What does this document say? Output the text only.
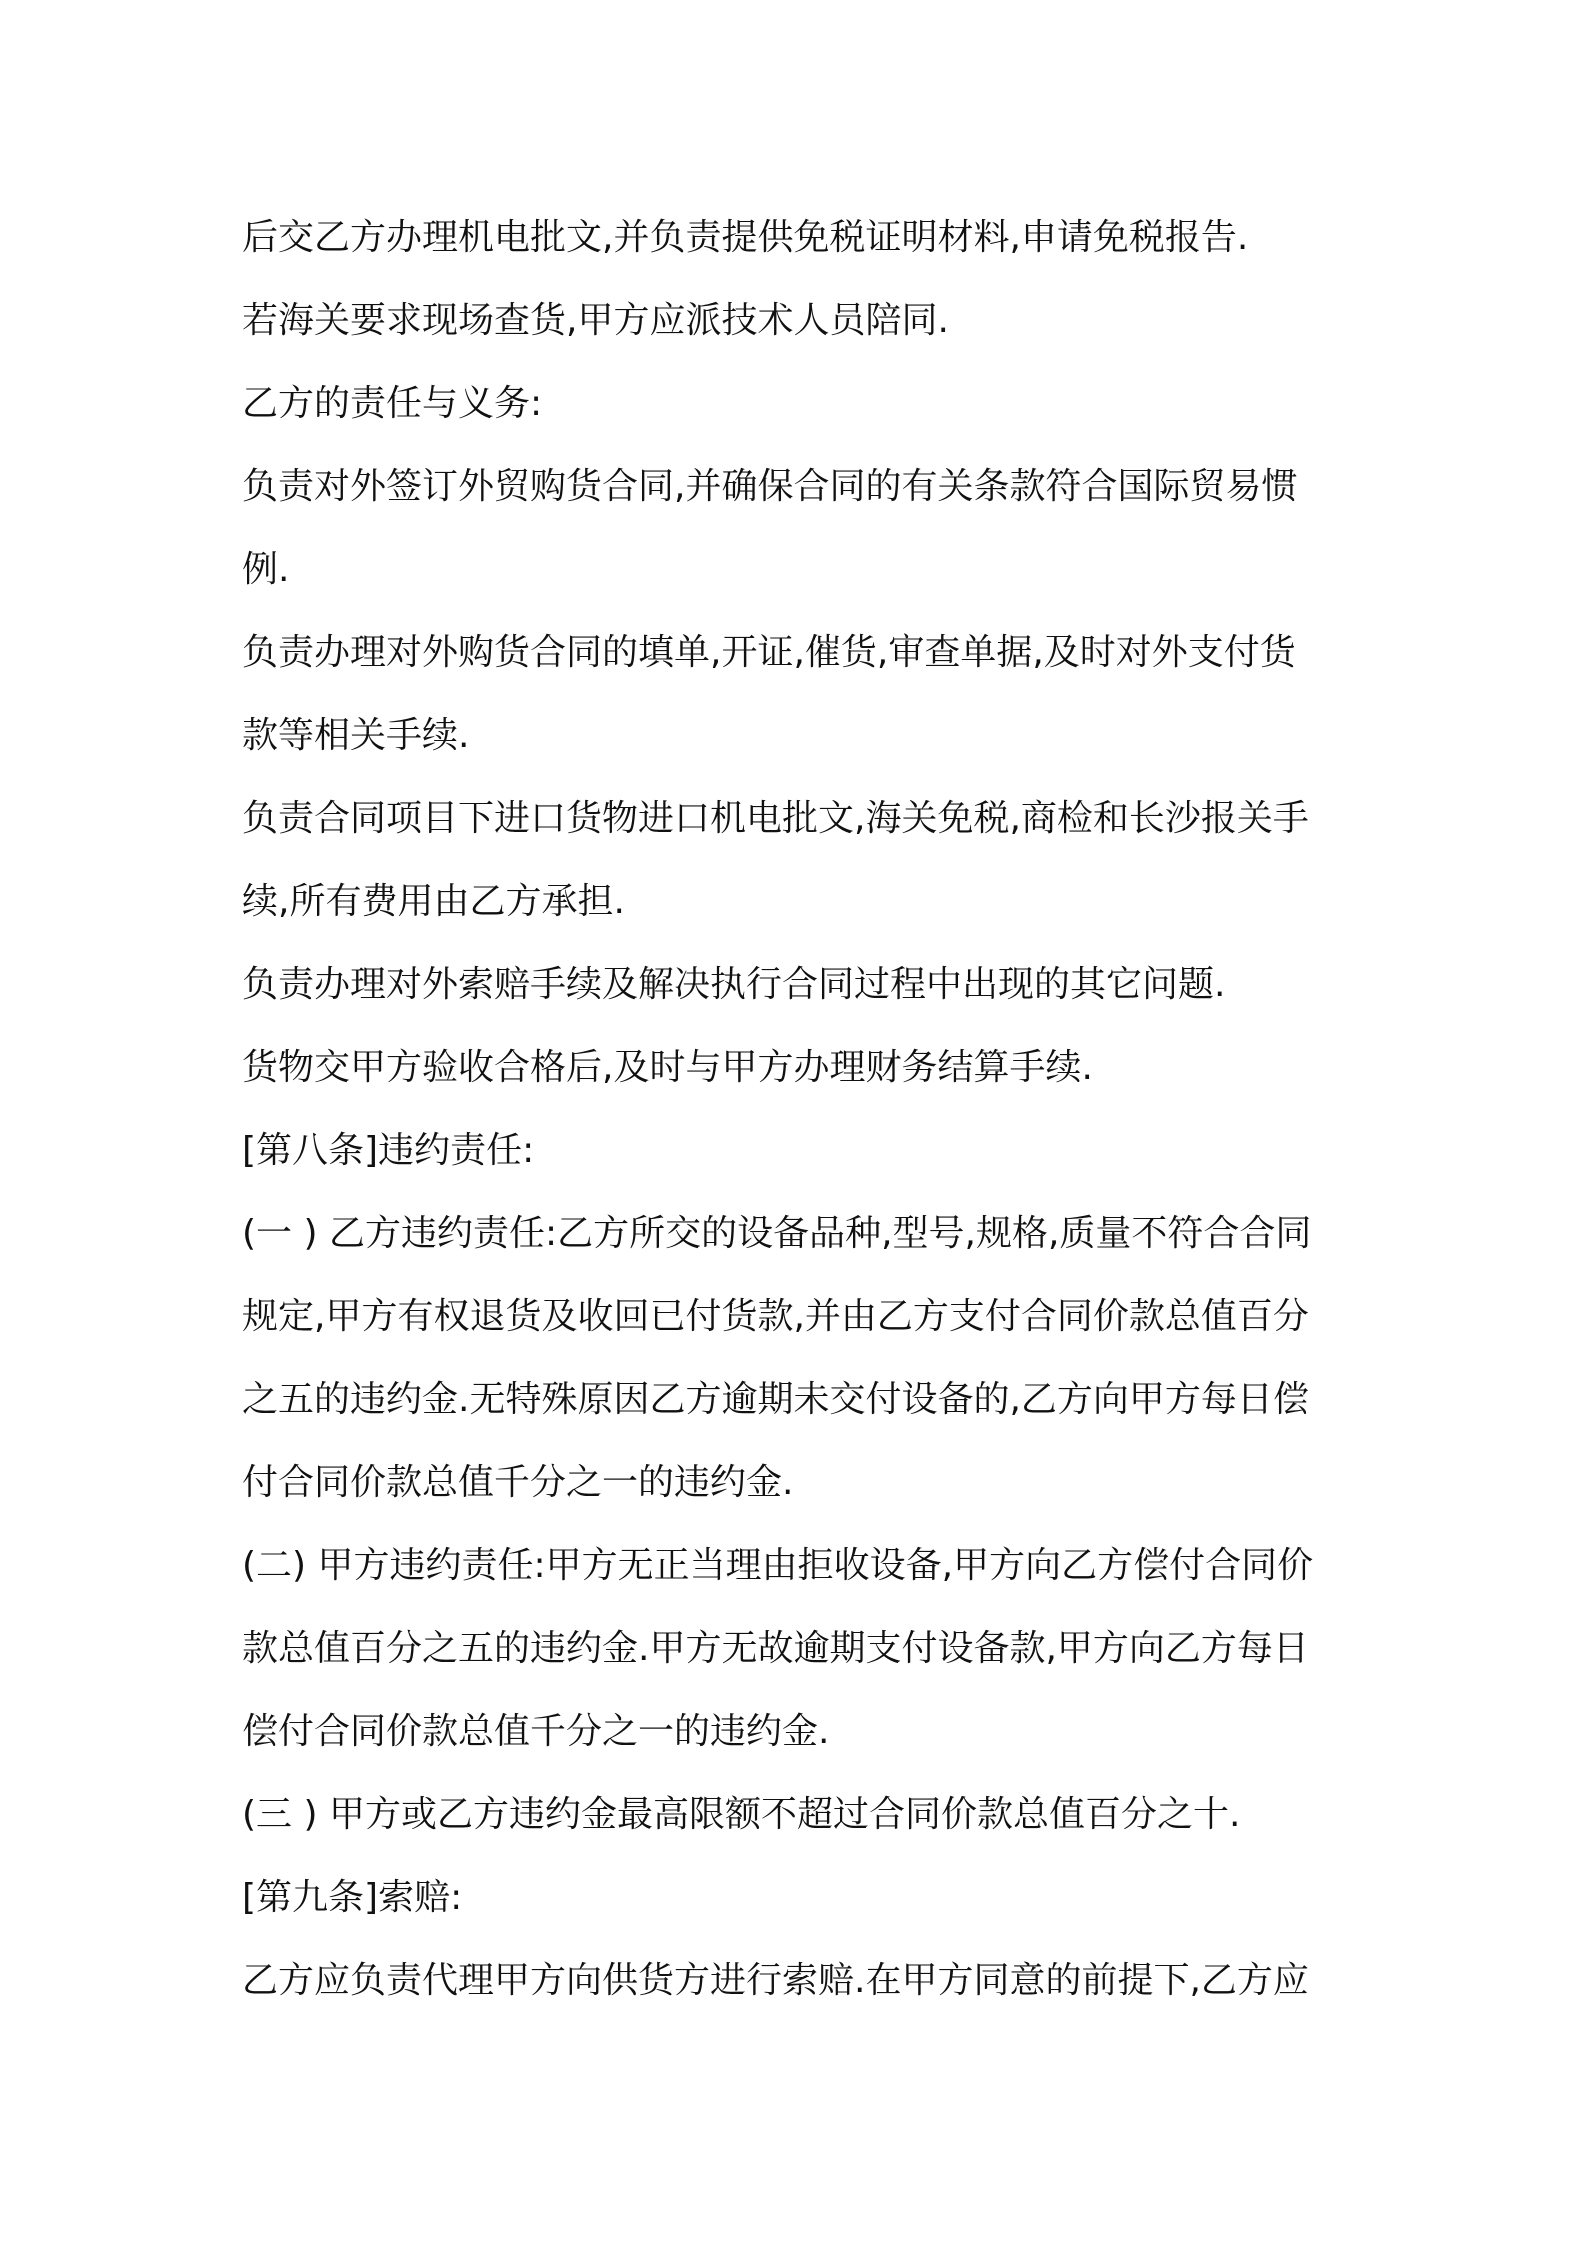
后交乙方办理机电批文,并负责提供免税证明材料,申请免税报告.
若海关要求现场查货,甲方应派技术人员陪同.
乙方的责任与义务:
负责对外签订外贸购货合同,并确保合同的有关条款符合国际贸易惯
例.
负责办理对外购货合同的填单,开证,催货,审查单据,及时对外支付货
款等相关手续.
负责合同项目下进口货物进口机电批文,海关免税,商检和长沙报关手
续,所有费用由乙方承担.
负责办理对外索赔手续及解决执行合同过程中出现的其它问题.
货物交甲方验收合格后,及时与甲方办理财务结算手续.
[第八条]违约责任:
(一 ) 乙方违约责任:乙方所交的设备品种,型号,规格,质量不符合合同
规定,甲方有权退货及收回已付货款,并由乙方支付合同价款总值百分
之五的违约金.无特殊原因乙方逾期未交付设备的,乙方向甲方每日偿
付合同价款总值千分之一的违约金.
(二) 甲方违约责任:甲方无正当理由拒收设备,甲方向乙方偿付合同价
款总值百分之五的违约金.甲方无故逾期支付设备款,甲方向乙方每日
偿付合同价款总值千分之一的违约金.
(三 ) 甲方或乙方违约金最高限额不超过合同价款总值百分之十.
[第九条]索赔:
乙方应负责代理甲方向供货方进行索赔.在甲方同意的前提下,乙方应
